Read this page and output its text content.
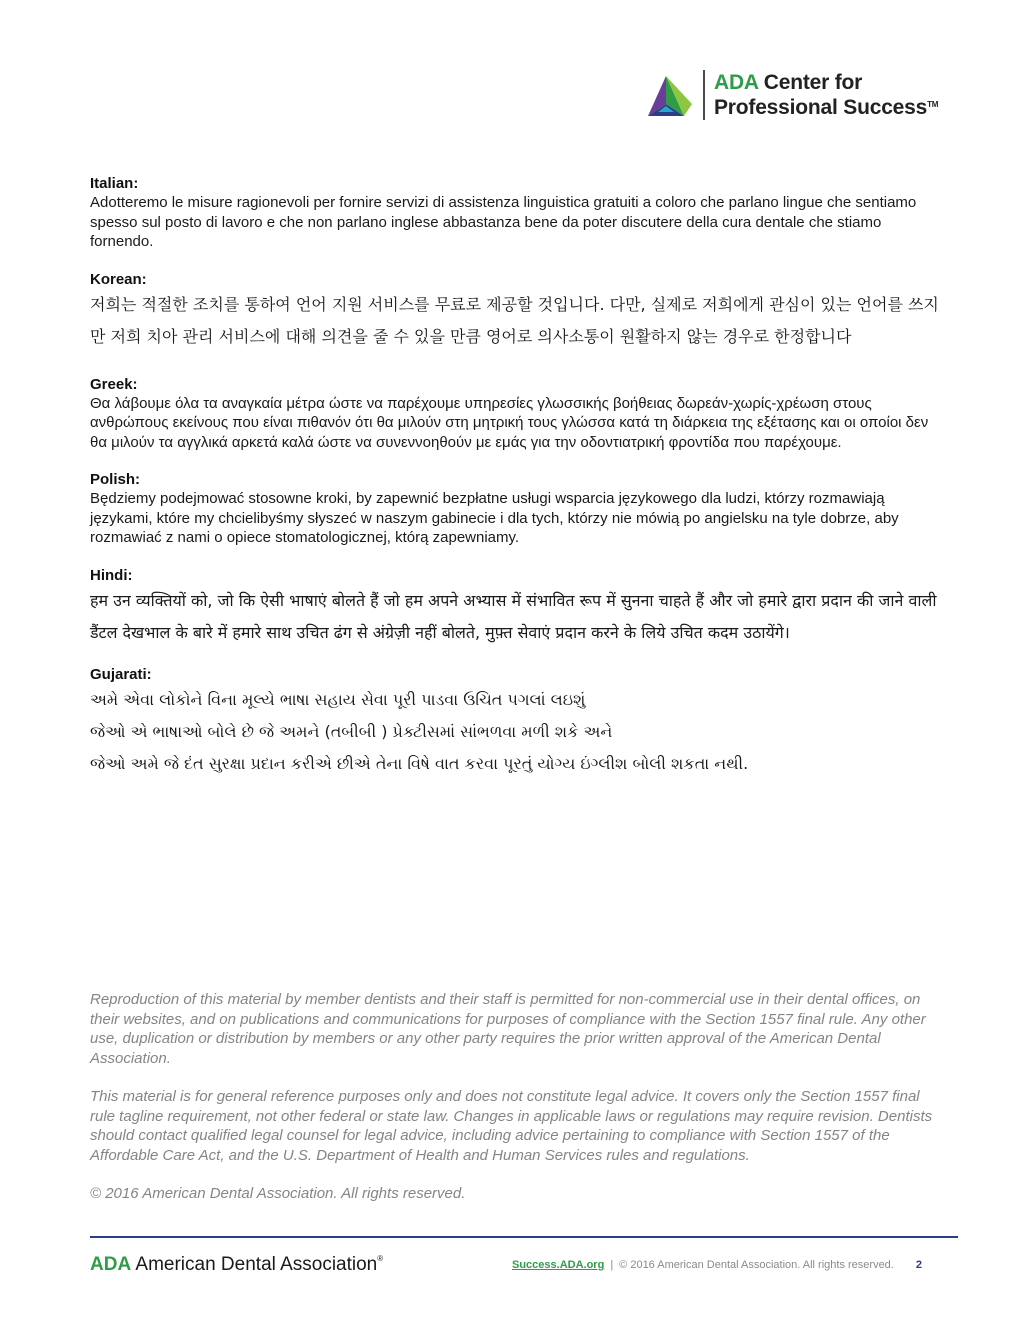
ADA Center for
Professional Success™
Italian:
Adotteremo le misure ragionevoli per fornire servizi di assistenza linguistica gratuiti a coloro che parlano lingue che sentiamo spesso sul posto di lavoro e che non parlano inglese abbastanza bene da poter discutere della cura dentale che stiamo fornendo.
Korean:
저희는 적절한 조치를 통하여 언어 지원 서비스를 무료로 제공할 것입니다. 다만, 실제로 저희에게 관심이 있는 언어를 쓰지만 저희 치아 관리 서비스에 대해 의견을 줄 수 있을 만큼 영어로 의사소통이 원활하지 않는 경우로 한정합니다
Greek:
Θα λάβουμε όλα τα αναγκαία μέτρα ώστε να παρέχουμε υπηρεσίες γλωσσικής βοήθειας δωρεάν-χωρίς-χρέωση στους ανθρώπους εκείνους που είναι πιθανόν ότι θα μιλούν στη μητρική τους γλώσσα κατά τη διάρκεια της εξέτασης και οι οποίοι δεν θα μιλούν τα αγγλικά αρκετά καλά ώστε να συνεννοηθούν με εμάς για την οδοντιατρική φροντίδα που παρέχουμε.
Polish:
Będziemy podejmować stosowne kroki, by zapewnić bezpłatne usługi wsparcia językowego dla ludzi, którzy rozmawiają językami, które my chcielibyśmy słyszeć w naszym gabinecie i dla tych, którzy nie mówią po angielsku na tyle dobrze, aby rozmawiać z nami o opiece stomatologicznej, którą zapewniamy.
Hindi:
हम उन व्यक्तियों को, जो कि ऐसी भाषाएं बोलते हैं जो हम अपने अभ्यास में संभावित रूप में सुनना चाहते हैं और जो हमारे द्वारा प्रदान की जाने वाली डैंटल देखभाल के बारे में हमारे साथ उचित ढंग से अंग्रेज़ी नहीं बोलते, मुफ़्त सेवाएं प्रदान करने के लिये उचित कदम उठायेंगे।
Gujarati:
અમે એવા લોકોને વિના મૂલ્યે ભાષા સહાય સેવા પૂરી પાડવા ઉચિત પગલાં લઇશું
જેઓ એ ભાષાઓ બોલે છે જે અમને (તબીબી ) પ્રેક્ટીસમાં સાંભળવા મળી શકે અને
જેઓ અમે જે દંત સુરક્ષા પ્રદાન કરીએ છીએ તેના વિષે વાત કરવા પૂરતું યોગ્ય ઇંગ્લીશ બોલી શકતા નથી.

Reproduction of this material by member dentists and their staff is permitted for non-commercial use in their dental offices, on their websites, and on publications and communications for purposes of compliance with the Section 1557 final rule. Any other use, duplication or distribution by members or any other party requires the prior written approval of the American Dental Association.

This material is for general reference purposes only and does not constitute legal advice. It covers only the Section 1557 final rule tagline requirement, not other federal or state law. Changes in applicable laws or regulations may require revision. Dentists should contact qualified legal counsel for legal advice, including advice pertaining to compliance with Section 1557 of the Affordable Care Act, and the U.S. Department of Health and Human Services rules and regulations.

© 2016 American Dental Association. All rights reserved.

ADA American Dental Association®
Success.ADA.org | © 2016 American Dental Association. All rights reserved. 2
